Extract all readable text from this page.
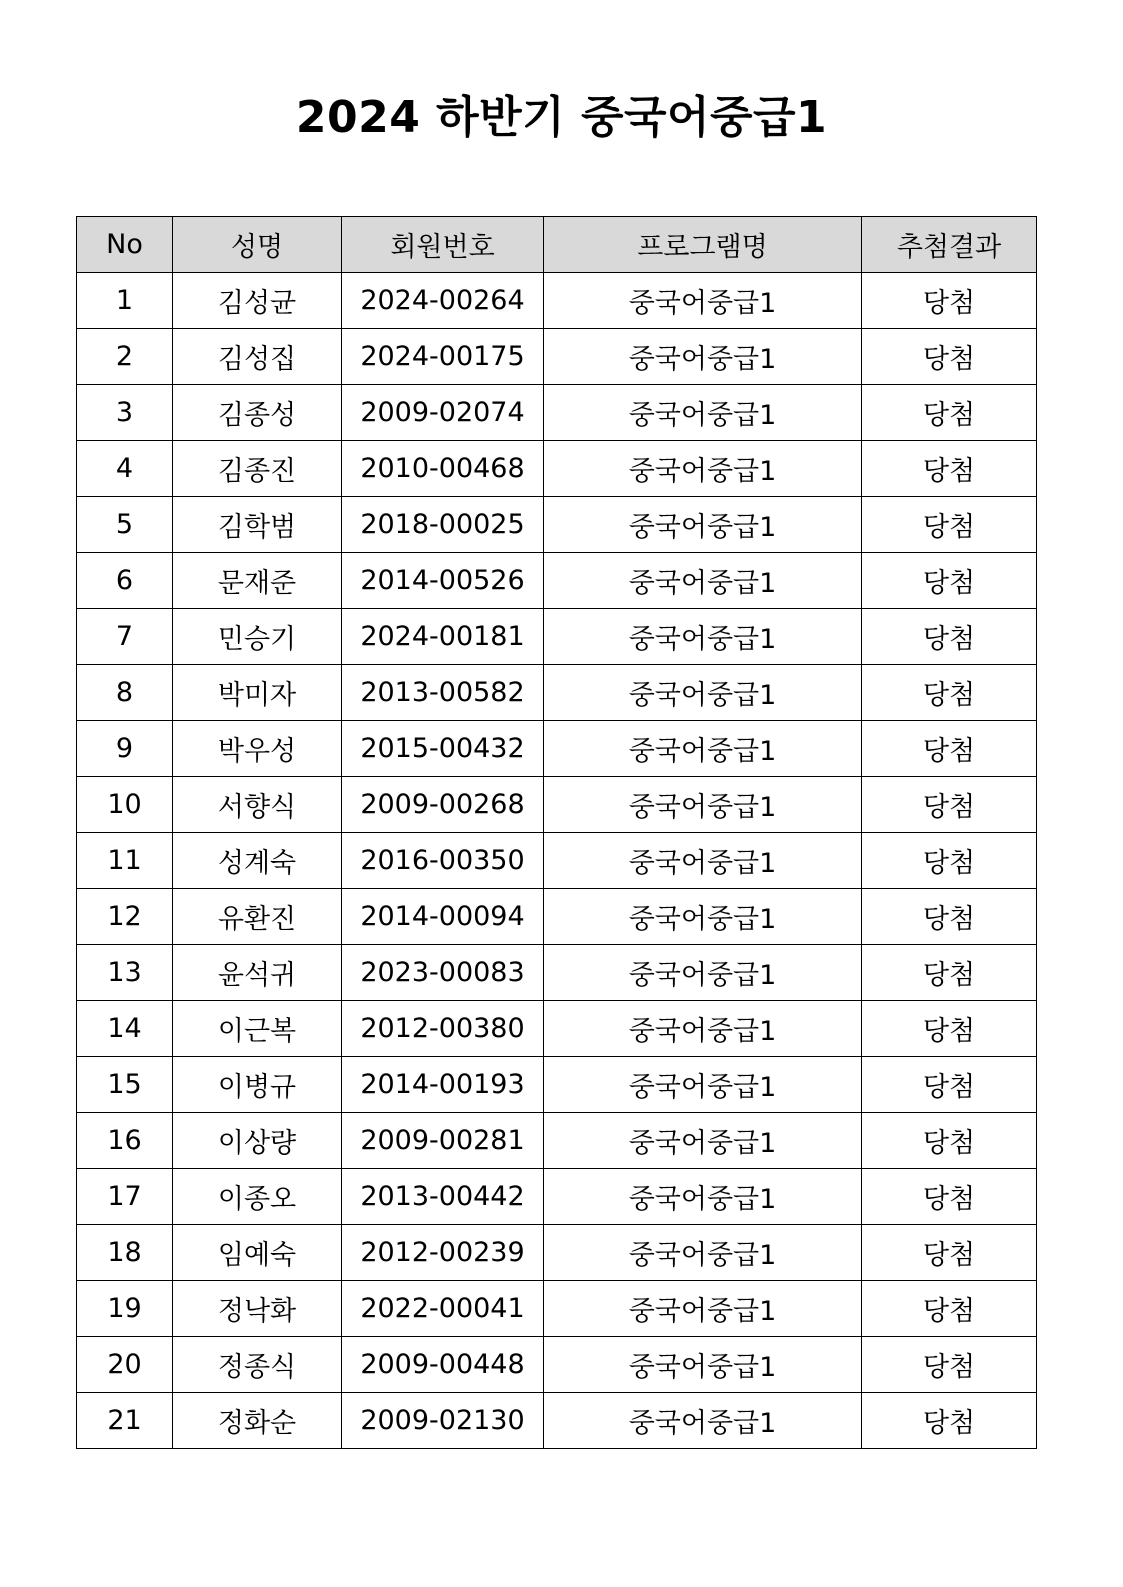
2024 하반기 중국어중급1
No	성명	회원번호	프로그램명	추첨결과
1	김성균	2024-00264	중국어중급1	당첨
2	김성집	2024-00175	중국어중급1	당첨
3	김종성	2009-02074	중국어중급1	당첨
4	김종진	2010-00468	중국어중급1	당첨
5	김학범	2018-00025	중국어중급1	당첨
6	문재준	2014-00526	중국어중급1	당첨
7	민승기	2024-00181	중국어중급1	당첨
8	박미자	2013-00582	중국어중급1	당첨
9	박우성	2015-00432	중국어중급1	당첨
10	서향식	2009-00268	중국어중급1	당첨
11	성계숙	2016-00350	중국어중급1	당첨
12	유환진	2014-00094	중국어중급1	당첨
13	윤석귀	2023-00083	중국어중급1	당첨
14	이근복	2012-00380	중국어중급1	당첨
15	이병규	2014-00193	중국어중급1	당첨
16	이상량	2009-00281	중국어중급1	당첨
17	이종오	2013-00442	중국어중급1	당첨
18	임예숙	2012-00239	중국어중급1	당첨
19	정낙화	2022-00041	중국어중급1	당첨
20	정종식	2009-00448	중국어중급1	당첨
21	정화순	2009-02130	중국어중급1	당첨
